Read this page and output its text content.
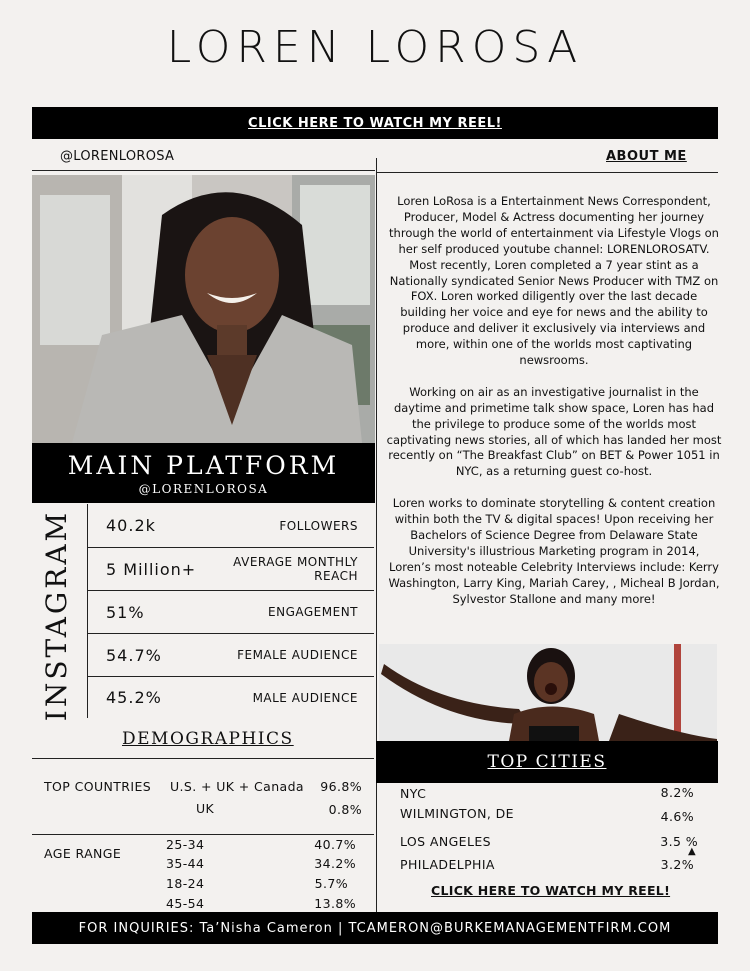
LOREN LOROSA
CLICK HERE TO WATCH MY REEL!
@LORENLOROSA	ABOUT ME
MAIN PLATFORM
@LORENLOROSA
INSTAGRAM	40.2k	FOLLOWERS
5 Million+	AVERAGE MONTHLY REACH
51%	ENGAGEMENT
54.7%	FEMALE AUDIENCE
45.2%	MALE AUDIENCE
DEMOGRAPHICS
TOP COUNTRIES U.S. + UK + Canada	96.8%
UK	0.8%
AGE RANGE
25-34	40.7%
35-44	34.2%
18-24	5.7%
45-54	13.8%

Loren LoRosa is a Entertainment News Correspondent, Producer, Model & Actress documenting her journey through the world of entertainment via Lifestyle Vlogs on her self produced youtube channel: LORENLOROSATV. Most recently, Loren completed a 7 year stint as a Nationally syndicated Senior News Producer with TMZ on FOX. Loren worked diligently over the last decade building her voice and eye for news and the ability to produce and deliver it exclusively via interviews and more, within one of the worlds most captivating newsrooms.

Working on air as an investigative journalist in the daytime and primetime talk show space, Loren has had the privilege to produce some of the worlds most captivating news stories, all of which has landed her most recently on “The Breakfast Club” on BET & Power 1051 in NYC, as a returning guest co-host.

Loren works to dominate storytelling & content creation within both the TV & digital spaces! Upon receiving her Bachelors of Science Degree from Delaware State University's illustrious Marketing program in 2014, Loren’s most noteable Celebrity Interviews include: Kerry Washington, Larry King, Mariah Carey, , Micheal B Jordan, Sylvestor Stallone and many more!

TOP CITIES
NYC	8.2%
WILMINGTON, DE	4.6%
LOS ANGELES	3.5 %
▲
PHILADELPHIA	3.2%
CLICK HERE TO WATCH MY REEL!
FOR INQUIRIES: Ta’Nisha Cameron | TCAMERON@BURKEMANAGEMENTFIRM.COM
